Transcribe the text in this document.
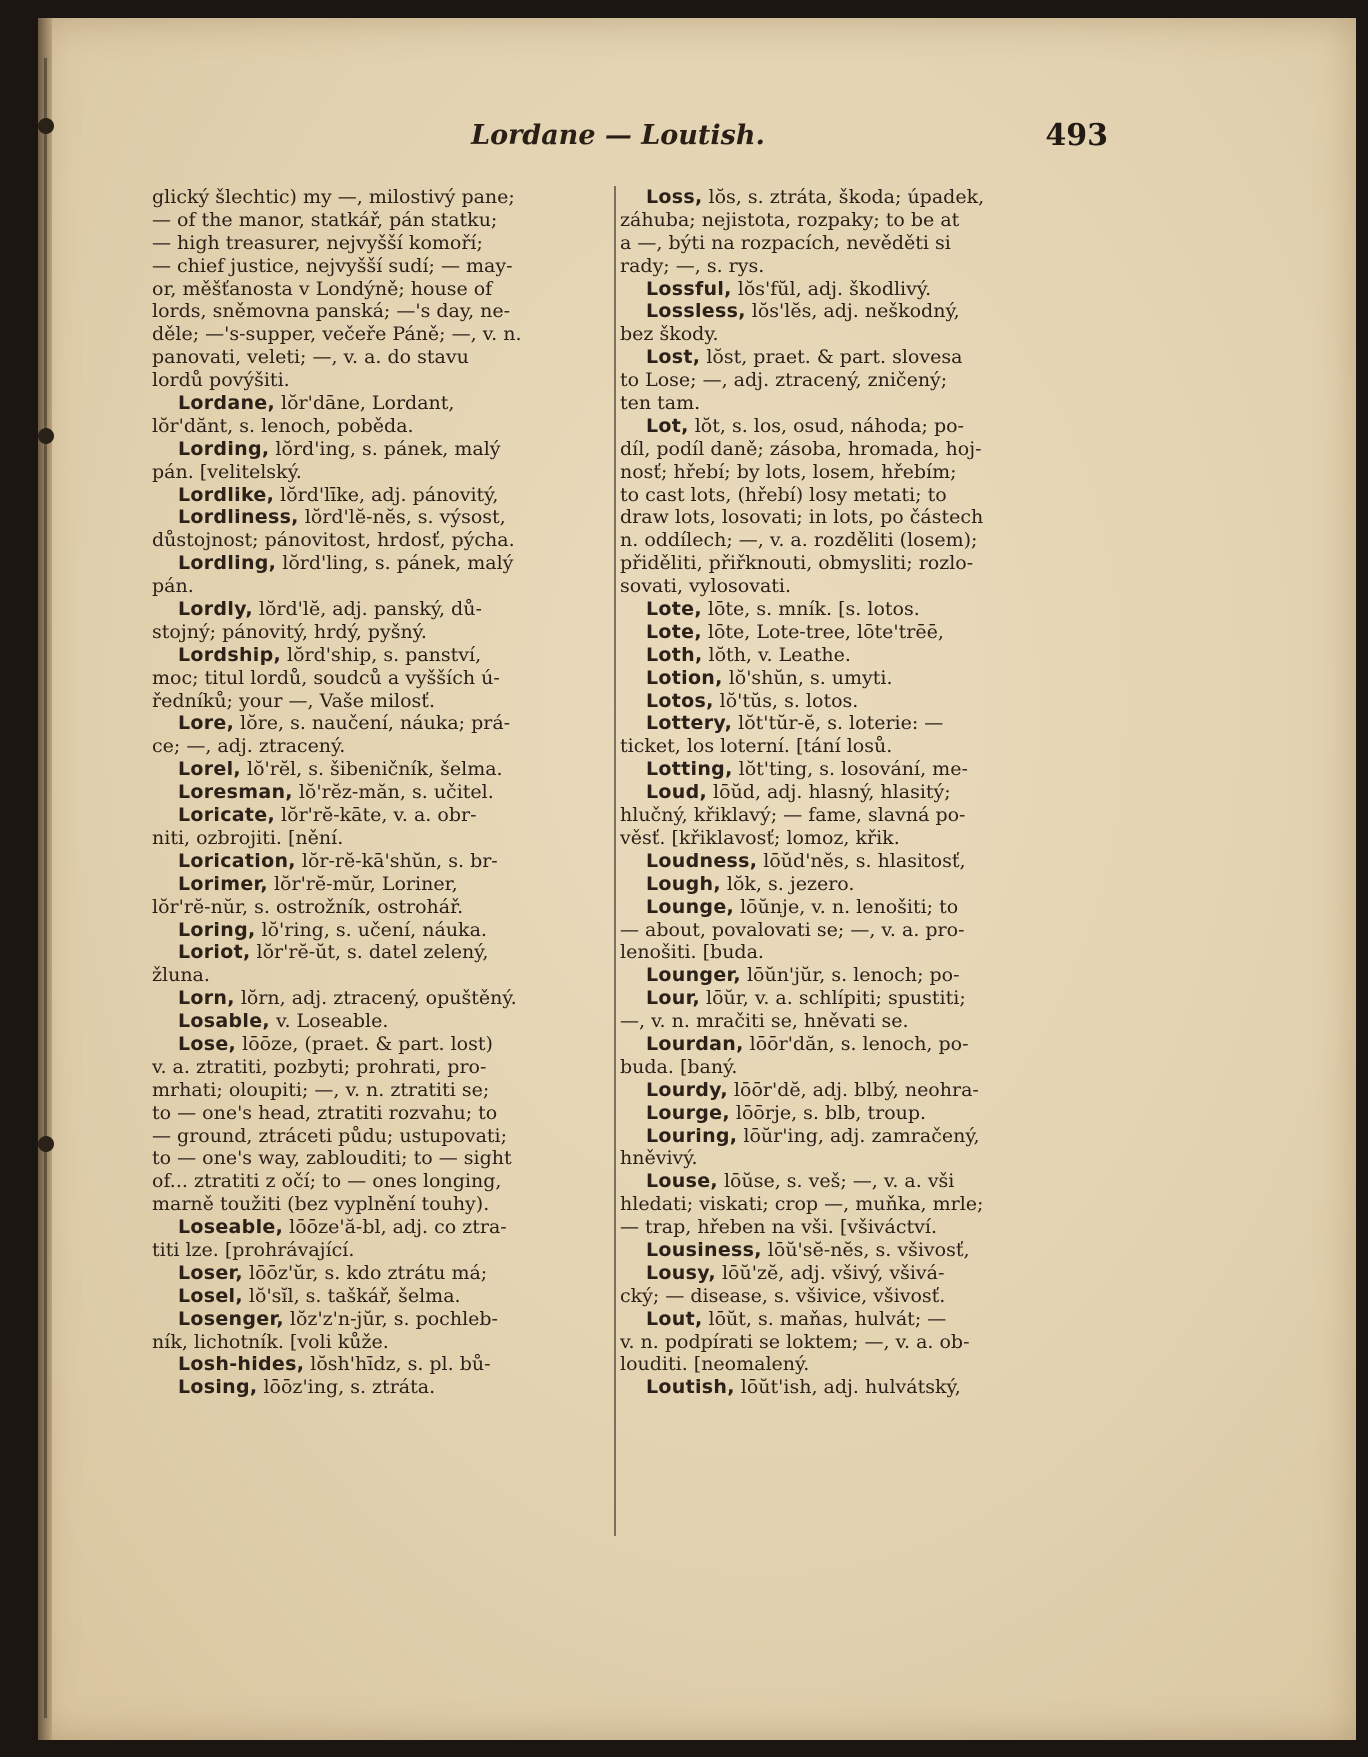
Lordane — Loutish.	493
glický šlechtic) my —, milostivý pane;
— of the manor, statkář, pán statku;
— high treasurer, nejvyšší komoří;
— chief justice, nejvyšší sudí; — may-
or, měšťanosta v Londýně; house of
lords, sněmovna panská; —'s day, ne-
děle; —'s-supper, večeře Páně; —, v. n.
panovati, veleti; —, v. a. do stavu
lordů povýšiti.
Lordane, lŏr'dāne, Lordant,
lŏr'dănt, s. lenoch, poběda.
Lording, lŏrd'ing, s. pánek, malý
pán. [velitelský.
Lordlike, lŏrd'līke, adj. pánovitý,
Lordliness, lŏrd'lĕ-nĕs, s. výsost,
důstojnost; pánovitost, hrdosť, pýcha.
Lordling, lŏrd'ling, s. pánek, malý
pán.
Lordly, lŏrd'lĕ, adj. panský, dů-
stojný; pánovitý, hrdý, pyšný.
Lordship, lŏrd'ship, s. panství,
moc; titul lordů, soudců a vyšších ú-
ředníků; your —, Vaše milosť.
Lore, lŏre, s. naučení, náuka; prá-
ce; —, adj. ztracený.
Lorel, lŏ'rĕl, s. šibeničník, šelma.
Loresman, lŏ'rĕz-măn, s. učitel.
Loricate, lŏr'rĕ-kāte, v. a. obr-
niti, ozbrojiti. [nění.
Lorication, lŏr-rĕ-kā'shŭn, s. br-
Lorimer, lŏr'rĕ-mŭr, Loriner,
lŏr'rĕ-nŭr, s. ostrožník, ostrohář.
Loring, lŏ'ring, s. učení, náuka.
Loriot, lŏr'rĕ-ŭt, s. datel zelený,
žluna.
Lorn, lŏrn, adj. ztracený, opuštěný.
Losable, v. Loseable.
Lose, lōōze, (praet. & part. lost)
v. a. ztratiti, pozbyti; prohrati, pro-
mrhati; oloupiti; —, v. n. ztratiti se;
to — one's head, ztratiti rozvahu; to
— ground, ztráceti půdu; ustupovati;
to — one's way, zablouditi; to — sight
of... ztratiti z očí; to — ones longing,
marně toužiti (bez vyplnění touhy).
Loseable, lōōze'ă-bl, adj. co ztra-
titi lze. [prohrávající.
Loser, lōōz'ŭr, s. kdo ztrátu má;
Losel, lŏ'sĭl, s. taškář, šelma.
Losenger, lŏz'z'n-jŭr, s. pochleb-
ník, lichotník. [voli kůže.
Losh-hides, lŏsh'hīdz, s. pl. bů-
Losing, lōōz'ing, s. ztráta.
Loss, lŏs, s. ztráta, škoda; úpadek,
záhuba; nejistota, rozpaky; to be at
a —, býti na rozpacích, nevěděti si
rady; —, s. rys.
Lossful, lŏs'fŭl, adj. škodlivý.
Lossless, lŏs'lĕs, adj. neškodný,
bez škody.
Lost, lŏst, praet. & part. slovesa
to Lose; —, adj. ztracený, zničený;
ten tam.
Lot, lŏt, s. los, osud, náhoda; po-
díl, podíl daně; zásoba, hromada, hoj-
nosť; hřebí; by lots, losem, hřebím;
to cast lots, (hřebí) losy metati; to
draw lots, losovati; in lots, po částech
n. oddílech; —, v. a. rozděliti (losem);
přiděliti, přiřknouti, obmysliti; rozlo-
sovati, vylosovati.
Lote, lōte, s. mník. [s. lotos.
Lote, lōte, Lote-tree, lōte'trēē,
Loth, lŏth, v. Leathe.
Lotion, lŏ'shŭn, s. umyti.
Lotos, lŏ'tŭs, s. lotos.
Lottery, lŏt'tŭr-ĕ, s. loterie: —
ticket, los loterní. [tání losů.
Lotting, lŏt'ting, s. losování, me-
Loud, lōŭd, adj. hlasný, hlasitý;
hlučný, křiklavý; — fame, slavná po-
věsť. [křiklavosť; lomoz, křik.
Loudness, lōŭd'nĕs, s. hlasitosť,
Lough, lŏk, s. jezero.
Lounge, lōŭnje, v. n. lenošiti; to
— about, povalovati se; —, v. a. pro-
lenošiti. [buda.
Lounger, lōŭn'jŭr, s. lenoch; po-
Lour, lōŭr, v. a. schlípiti; spustiti;
—, v. n. mračiti se, hněvati se.
Lourdan, lōōr'dăn, s. lenoch, po-
buda. [baný.
Lourdy, lōōr'dĕ, adj. blbý, neohra-
Lourge, lōōrje, s. blb, troup.
Louring, lōŭr'ing, adj. zamračený,
hněvivý.
Louse, lōŭse, s. veš; —, v. a. vši
hledati; viskati; crop —, muňka, mrle;
— trap, hřeben na vši. [všiváctví.
Lousiness, lōŭ'sĕ-nĕs, s. všivosť,
Lousy, lōŭ'zĕ, adj. všivý, všivá-
cký; — disease, s. všivice, všivosť.
Lout, lōŭt, s. maňas, hulvát; —
v. n. podpírati se loktem; —, v. a. ob-
louditi. [neomalený.
Loutish, lōŭt'ish, adj. hulvátský,
